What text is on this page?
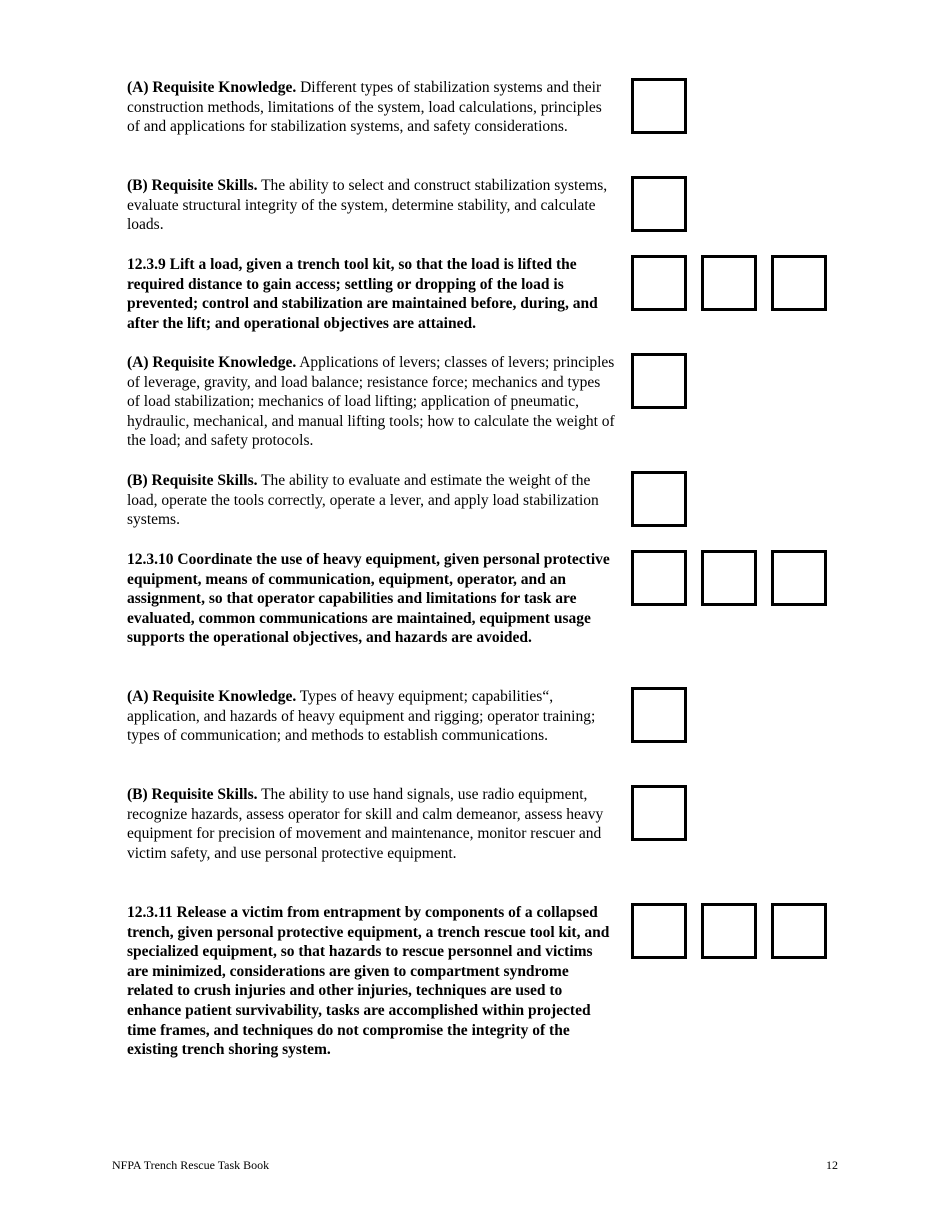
(A) Requisite Knowledge. Different types of stabilization systems and their construction methods, limitations of the system, load calculations, principles of and applications for stabilization systems, and safety considerations.
(B) Requisite Skills. The ability to select and construct stabilization systems, evaluate structural integrity of the system, determine stability, and calculate loads.
12.3.9 Lift a load, given a trench tool kit, so that the load is lifted the required distance to gain access; settling or dropping of the load is prevented; control and stabilization are maintained before, during, and after the lift; and operational objectives are attained.
(A) Requisite Knowledge. Applications of levers; classes of levers; principles of leverage, gravity, and load balance; resistance force; mechanics and types of load stabilization; mechanics of load lifting; application of pneumatic, hydraulic, mechanical, and manual lifting tools; how to calculate the weight of the load; and safety protocols.
(B) Requisite Skills. The ability to evaluate and estimate the weight of the load, operate the tools correctly, operate a lever, and apply load stabilization systems.
12.3.10 Coordinate the use of heavy equipment, given personal protective equipment, means of communication, equipment, operator, and an assignment, so that operator capabilities and limitations for task are evaluated, common communications are maintained, equipment usage supports the operational objectives, and hazards are avoided.
(A) Requisite Knowledge. Types of heavy equipment; capabilities“, application, and hazards of heavy equipment and rigging; operator training; types of communication; and methods to establish communications.
(B) Requisite Skills. The ability to use hand signals, use radio equipment, recognize hazards, assess operator for skill and calm demeanor, assess heavy equipment for precision of movement and maintenance, monitor rescuer and victim safety, and use personal protective equipment.
12.3.11 Release a victim from entrapment by components of a collapsed trench, given personal protective equipment, a trench rescue tool kit, and specialized equipment, so that hazards to rescue personnel and victims are minimized, considerations are given to compartment syndrome related to crush injuries and other injuries, techniques are used to enhance patient survivability, tasks are accomplished within projected time frames, and techniques do not compromise the integrity of the existing trench shoring system.
NFPA Trench Rescue Task Book	12
